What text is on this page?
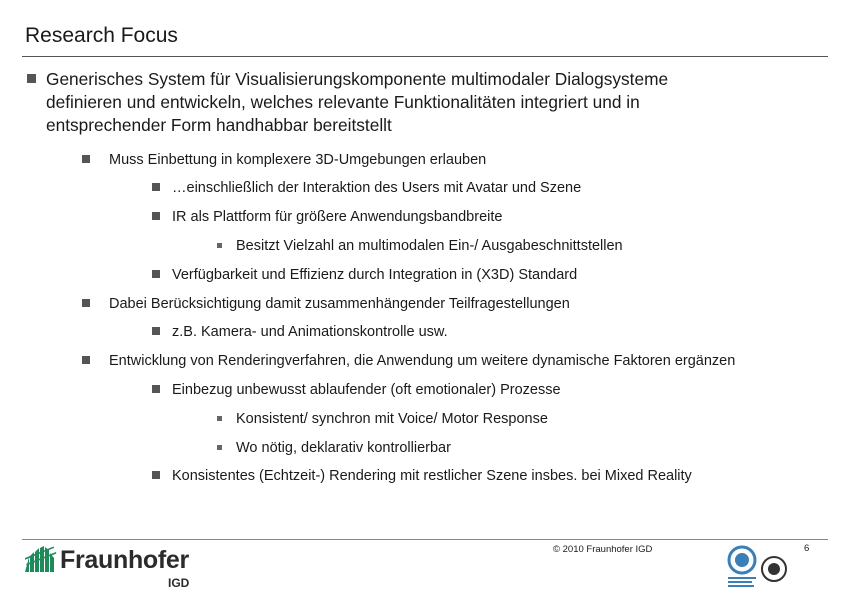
Research Focus
Generisches System für Visualisierungskomponente multimodaler Dialogsysteme
definieren und entwickeln, welches relevante Funktionalitäten integriert und in
entsprechender Form handhabbar bereitstellt
Muss Einbettung in komplexere 3D-Umgebungen erlauben
…einschließlich der Interaktion des Users mit Avatar und Szene
IR als Plattform für größere Anwendungsbandbreite
Besitzt Vielzahl an multimodalen Ein-/ Ausgabeschnittstellen
Verfügbarkeit und Effizienz durch Integration in (X3D) Standard
Dabei Berücksichtigung damit zusammenhängender Teilfragestellungen
z.B. Kamera- und Animationskontrolle usw.
Entwicklung von Renderingverfahren, die Anwendung um weitere dynamische Faktoren ergänzen
Einbezug unbewusst ablaufender (oft emotionaler) Prozesse
Konsistent/ synchron mit Voice/ Motor Response
Wo nötig, deklarativ kontrollierbar
Konsistentes (Echtzeit-) Rendering mit restlicher Szene insbes. bei Mixed Reality
Fraunhofer
IGD
© 2010 Fraunhofer IGD	6
